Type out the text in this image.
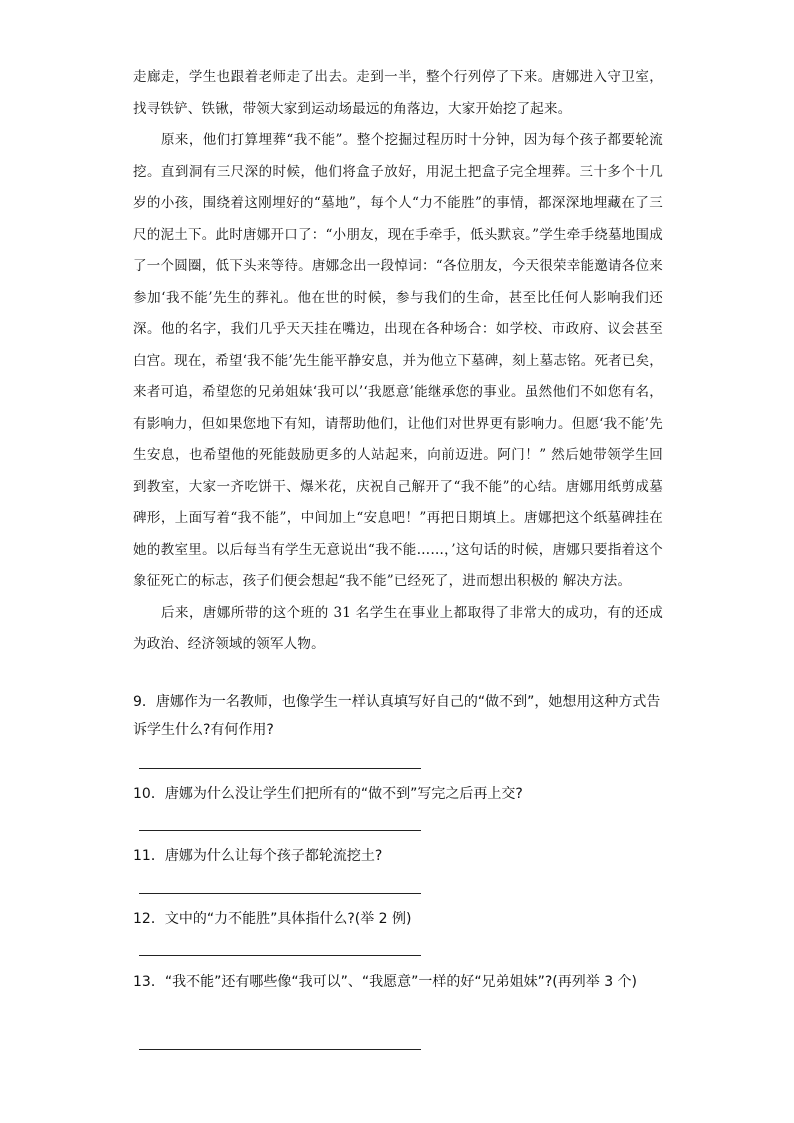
走廊走，学生也跟着老师走了出去。走到一半，整个行列停了下来。唐娜进入守卫室，找寻铁铲、铁锹，带领大家到运动场最远的角落边，大家开始挖了起来。

原来，他们打算埋葬“我不能”。整个挖掘过程历时十分钟，因为每个孩子都要轮流挖。直到洞有三尺深的时候，他们将盒子放好，用泥土把盒子完全埋葬。三十多个十几岁的小孩，围绕着这刚埋好的“墓地”，每个人“力不能胜”的事情，都深深地埋藏在了三尺的泥土下。此时唐娜开口了：“小朋友，现在手牵手，低头默哀。”学生牵手绕墓地围成了一个圆圈，低下头来等待。唐娜念出一段悼词：“各位朋友，今天很荣幸能邀请各位来参加‘我不能’先生的葬礼。他在世的时候，参与我们的生命，甚至比任何人影响我们还深。他的名字，我们几乎天天挂在嘴边，出现在各种场合：如学校、市政府、议会甚至白宫。现在，希望‘我不能’先生能平静安息，并为他立下墓碑，刻上墓志铭。死者已矣，来者可追，希望您的兄弟姐妹‘我可以’‘我愿意’能继承您的事业。虽然他们不如您有名，有影响力，但如果您地下有知，请帮助他们，让他们对世界更有影响力。但愿‘我不能’先生安息，也希望他的死能鼓励更多的人站起来，向前迈进。阿门！” 然后她带领学生回到教室，大家一齐吃饼干、爆米花，庆祝自己解开了“我不能”的心结。唐娜用纸剪成墓碑形，上面写着“我不能”，中间加上“安息吧！”再把日期填上。唐娜把这个纸墓碑挂在她的教室里。以后每当有学生无意说出“我不能……，’这句话的时候，唐娜只要指着这个象征死亡的标志，孩子们便会想起“我不能”已经死了，进而想出积极的 解决方法。

后来，唐娜所带的这个班的 31 名学生在事业上都取得了非常大的成功，有的还成为政治、经济领域的领军人物。

9．唐娜作为一名教师，也像学生一样认真填写好自己的“做不到”，她想用这种方式告诉学生什么?有何作用?
10．唐娜为什么没让学生们把所有的“做不到”写完之后再上交?
11．唐娜为什么让每个孩子都轮流挖土?
12．文中的“力不能胜”具体指什么?(举 2 例)
13．“我不能”还有哪些像“我可以”、“我愿意”一样的好“兄弟姐妹”?(再列举 3 个)
